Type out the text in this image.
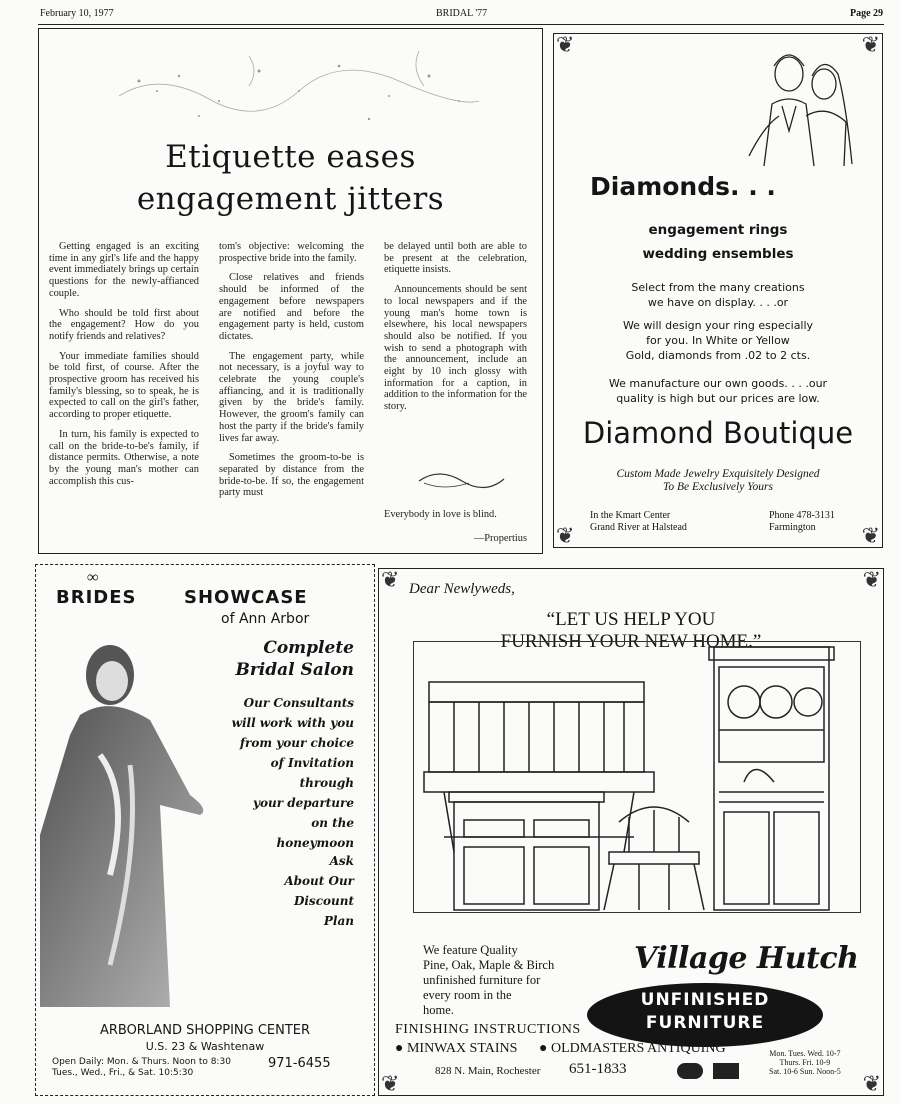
February 10, 1977	BRIDAL '77	Page 29
Etiquette eases
engagement jitters

Getting engaged is an exciting time in any girl's life and the happy event immediately brings up certain questions for the newly-affianced couple.

Who should be told first about the engagement? How do you notify friends and relatives?

Your immediate families should be told first, of course. After the prospective groom has received his family's blessing, so to speak, he is expected to call on the girl's father, according to proper etiquette.

In turn, his family is expected to call on the bride-to-be's family, if distance permits. Otherwise, a note by the young man's mother can accomplish this cus-

tom's objective: welcoming the prospective bride into the family.

Close relatives and friends should be informed of the engagement before newspapers are notified and before the engagement party is held, custom dictates.

The engagement party, while not necessary, is a joyful way to celebrate the young couple's affiancing, and it is traditionally given by the bride's family. However, the groom's family can host the party if the bride's family lives far away.

Sometimes the groom-to-be is separated by distance from the bride-to-be. If so, the engagement party must

be delayed until both are able to be present at the celebration, etiquette insists.

Announcements should be sent to local newspapers and if the young man's home town is elsewhere, his local newspapers should also be notified. If you wish to send a photograph with the announcement, include an eight by 10 inch glossy with information for a caption, in addition to the information for the story.

Everybody in love is blind.
—Propertius
❦	❦
❦	❦
Diamonds. . .
engagement rings
wedding ensembles
Select from the many creations
we have on display. . . .or
We will design your ring especially
for you. In White or Yellow
Gold, diamonds from .02 to 2 cts.
We manufacture our own goods. . . .our
quality is high but our prices are low.
Diamond Boutique
Custom Made Jewelry Exquisitely Designed
To Be Exclusively Yours
In the Kmart Center
Grand River at Halstead
Phone 478-3131
Farmington
∞
BRIDES	SHOWCASE
of Ann Arbor
Complete
Bridal Salon
Our Consultants
will work with you
from your choice
of Invitation
through
your departure
on the
honeymoon
Ask
About Our
Discount
Plan
ARBORLAND SHOPPING CENTER
U.S. 23 & Washtenaw
Open Daily: Mon. & Thurs. Noon to 8:30
Tues., Wed., Fri., & Sat. 10:5:30
971-6455
❦	❦
❦	❦
Dear Newlyweds,
“LET US HELP YOU
FURNISH YOUR NEW HOME.”
We feature Quality
Pine, Oak, Maple & Birch
unfinished furniture for
every room in the
home.
Village Hutch
UNFINISHED
FURNITURE
FINISHING INSTRUCTIONS
● MINWAX STAINS ● OLDMASTERS ANTIQUING
828 N. Main, Rochester 651-1833
Mon. Tues. Wed. 10-7
Thurs. Fri. 10-9
Sat. 10-6 Sun. Noon-5
